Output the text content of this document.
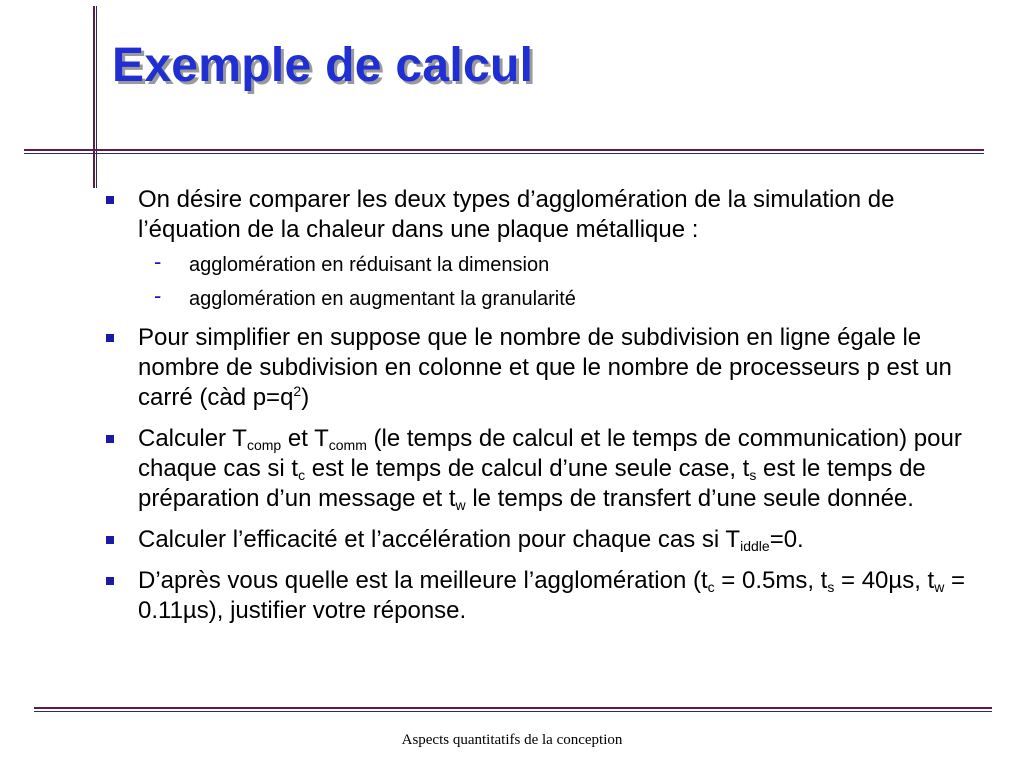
Exemple de calcul
On désire comparer les deux types d’agglomération de la simulation de l’équation de la chaleur dans une plaque métallique :
- agglomération en réduisant la dimension
- agglomération en augmentant la granularité
Pour simplifier en suppose que le nombre de subdivision en ligne égale le nombre de subdivision en colonne et que le nombre de processeurs p est un carré (càd $p=q^2$)
Calculer $T_{comp}$ et $T_{comm}$ (le temps de calcul et le temps de communication) pour chaque cas si $t_c$ est le temps de calcul d’une seule case, $t_s$ est le temps de préparation d’un message et $t_w$ le temps de transfert d’une seule donnée.
Calculer l’efficacité et l’accélération pour chaque cas si $T_{iddle}=0$.
D’après vous quelle est la meilleure l’agglomération ($t_c = 0.5ms$, $t_s = 40\mu s$, $t_w = 0.11\mu s$), justifier votre réponse.
Aspects quantitatifs de la conception
